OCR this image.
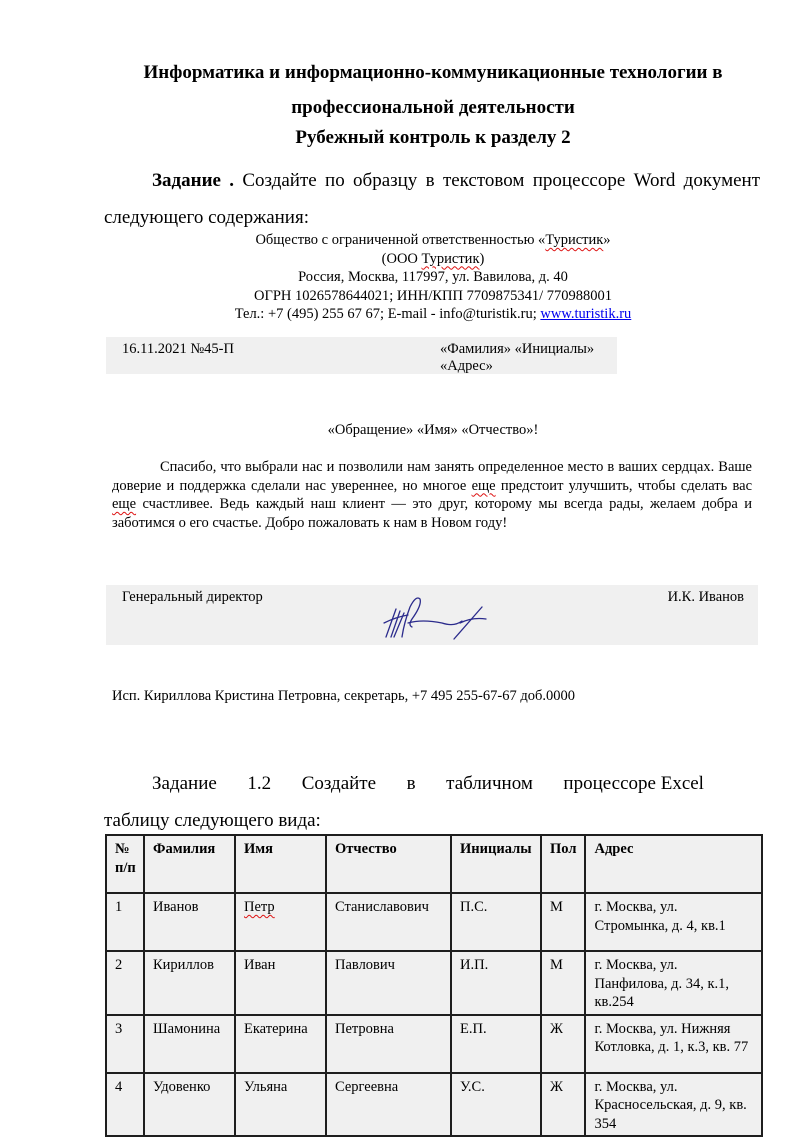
Информатика и информационно-коммуникационные технологии в
профессиональной деятельности
Рубежный контроль к разделу 2
Задание . Создайте по образцу в текстовом процессоре Word документ следующего содержания:
Общество с ограниченной ответственностью «Туристик»
(ООО Туристик)
Россия, Москва, 117997, ул. Вавилова, д. 40
ОГРН 1026578644021; ИНН/КПП 7709875341/ 770988001
Тел.: +7 (495) 255 67 67; E-mail - info@turistik.ru; www.turistik.ru
16.11.2021 №45-П	«Фамилия» «Инициалы»
«Адрес»
«Обращение» «Имя» «Отчество»!
Спасибо, что выбрали нас и позволили нам занять определенное место в ваших сердцах. Ваше доверие и поддержка сделали нас увереннее, но многое еще предстоит улучшить, чтобы сделать вас еще счастливее. Ведь каждый наш клиент — это друг, которому мы всегда рады, желаем добра и заботимся о его счастье. Добро пожаловать к нам в Новом году!
Генеральный директор	И.К. Иванов
Исп. Кириллова Кристина Петровна, секретарь, +7 495 255-67-67 доб.0000
Задание 1.2 Создайте в табличном процессоре Excel
таблицу следующего вида:
№ п/п	Фамилия	Имя	Отчество	Инициалы	Пол	Адрес
1	Иванов	Петр	Станиславович	П.С.	М	г. Москва, ул. Стромынка, д. 4, кв.1
2	Кириллов	Иван	Павлович	И.П.	М	г. Москва, ул. Панфилова, д. 34, к.1, кв.254
3	Шамонина	Екатерина	Петровна	Е.П.	Ж	г. Москва, ул. Нижняя Котловка, д. 1, к.3, кв. 77
4	Удовенко	Ульяна	Сергеевна	У.С.	Ж	г. Москва, ул. Красносельская, д. 9, кв. 354
